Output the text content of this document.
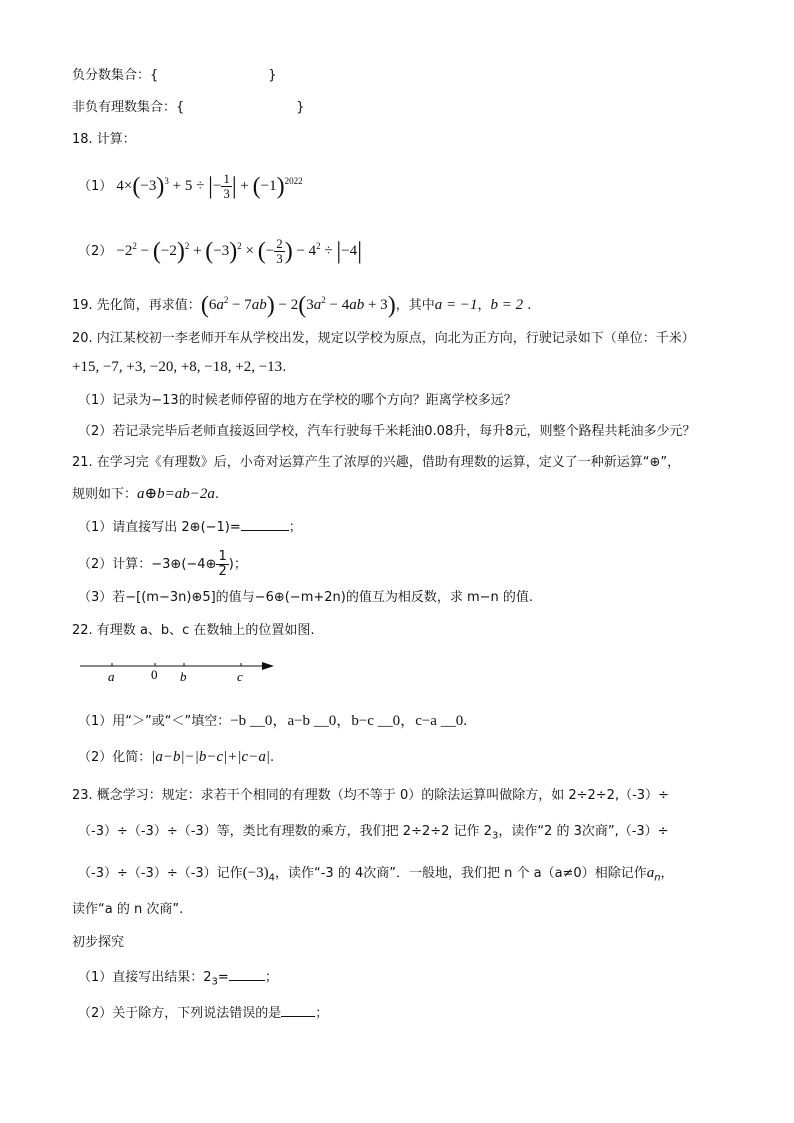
负分数集合：{	}
非负有理数集合：{	}
18. 计算：
（1） $4\times(-3)^3 + 5$ ÷ |− $\frac{1}{3}$ | + $(-1)^{2022}$
$(2) -2^2 - (-2)^2 + (-3)^2$ × (− $\frac{2}{3}$ ) − $4^2 \div |-4|$
19. 先化简，再求值：$(6a^2 - 7ab) - 2(3a^2 - 4ab + 3)$，其中a = −1，b = 2 .
20. 内江某校初一李老师开车从学校出发，规定以学校为原点，向北为正方向，行驶记录如下（单位：千米）
+15, −7, +3, −20, +8, −18, +2, −13.
（1）记录为−13的时候老师停留的地方在学校的哪个方向？距离学校多远？
（2）若记录完毕后老师直接返回学校，汽车行驶每千米耗油0.08升，每升8元，则整个路程共耗油多少元？
21. 在学习完《有理数》后，小奇对运算产生了浓厚的兴趣，借助有理数的运算，定义了一种新运算“⊕”，
规则如下：a⊕b=ab−2a.
（1）请直接写出 2⊕(−1)=	；
（2）计算：−3⊕(−4⊕ $\frac{1}{2}$ )；
（3）若−[(m−3n)⊕5]的值与−6⊕(−m+2n)的值互为相反数，求 m−n 的值.
22. 有理数 a、b、c 在数轴上的位置如图.
a	0 b	c
（1）用“＞”或“＜”填空：−b __0，a−b __0，b−c __0，c−a __0.
（2）化简：|a−b|−|b−c|+|c−a|.
23. 概念学习：规定：求若干个相同的有理数（均不等于 0）的除法运算叫做除方，如 2÷2÷2,（-3）÷
（-3）÷（-3）÷（-3）等，类比有理数的乘方，我们把 2÷2÷2 记作 $2_3$，读作“2 的 3次商”,（-3）÷
（-3）÷（-3）÷（-3）记作$(-3)_4$，读作“-3 的 4次商”．一般地，我们把 n 个 a（a≠0）相除记作$a_n$，
读作“a 的 n 次商”.
初步探究
（1）直接写出结果：$2_3=$	；
（2）关于除方，下列说法错误的是	；
